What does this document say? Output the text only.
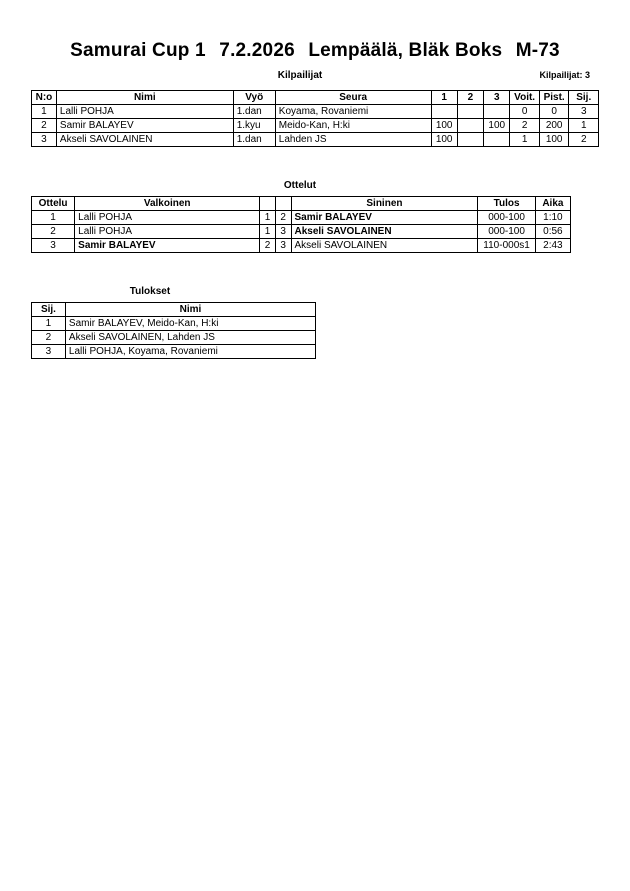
Samurai Cup 1 7.2.2026 Lempäälä, Bläk Boks M-73
Kilpailijat	Kilpailijat: 3
N:o	Nimi	Vyö	Seura	1	2	3	Voit.	Pist.	Sij.
1	Lalli POHJA	1.dan	Koyama, Rovaniemi				0	0	3
2	Samir BALAYEV	1.kyu	Meido-Kan, H:ki	100		100	2	200	1
3	Akseli SAVOLAINEN	1.dan	Lahden JS	100			1	100	2
Ottelut
Ottelu	Valkoinen			Sininen	Tulos	Aika
1	Lalli POHJA	1	2	Samir BALAYEV	000-100	1:10
2	Lalli POHJA	1	3	Akseli SAVOLAINEN	000-100	0:56
3	Samir BALAYEV	2	3	Akseli SAVOLAINEN	110-000s1	2:43
Tulokset
Sij.	Nimi
1	Samir BALAYEV, Meido-Kan, H:ki
2	Akseli SAVOLAINEN, Lahden JS
3	Lalli POHJA, Koyama, Rovaniemi
